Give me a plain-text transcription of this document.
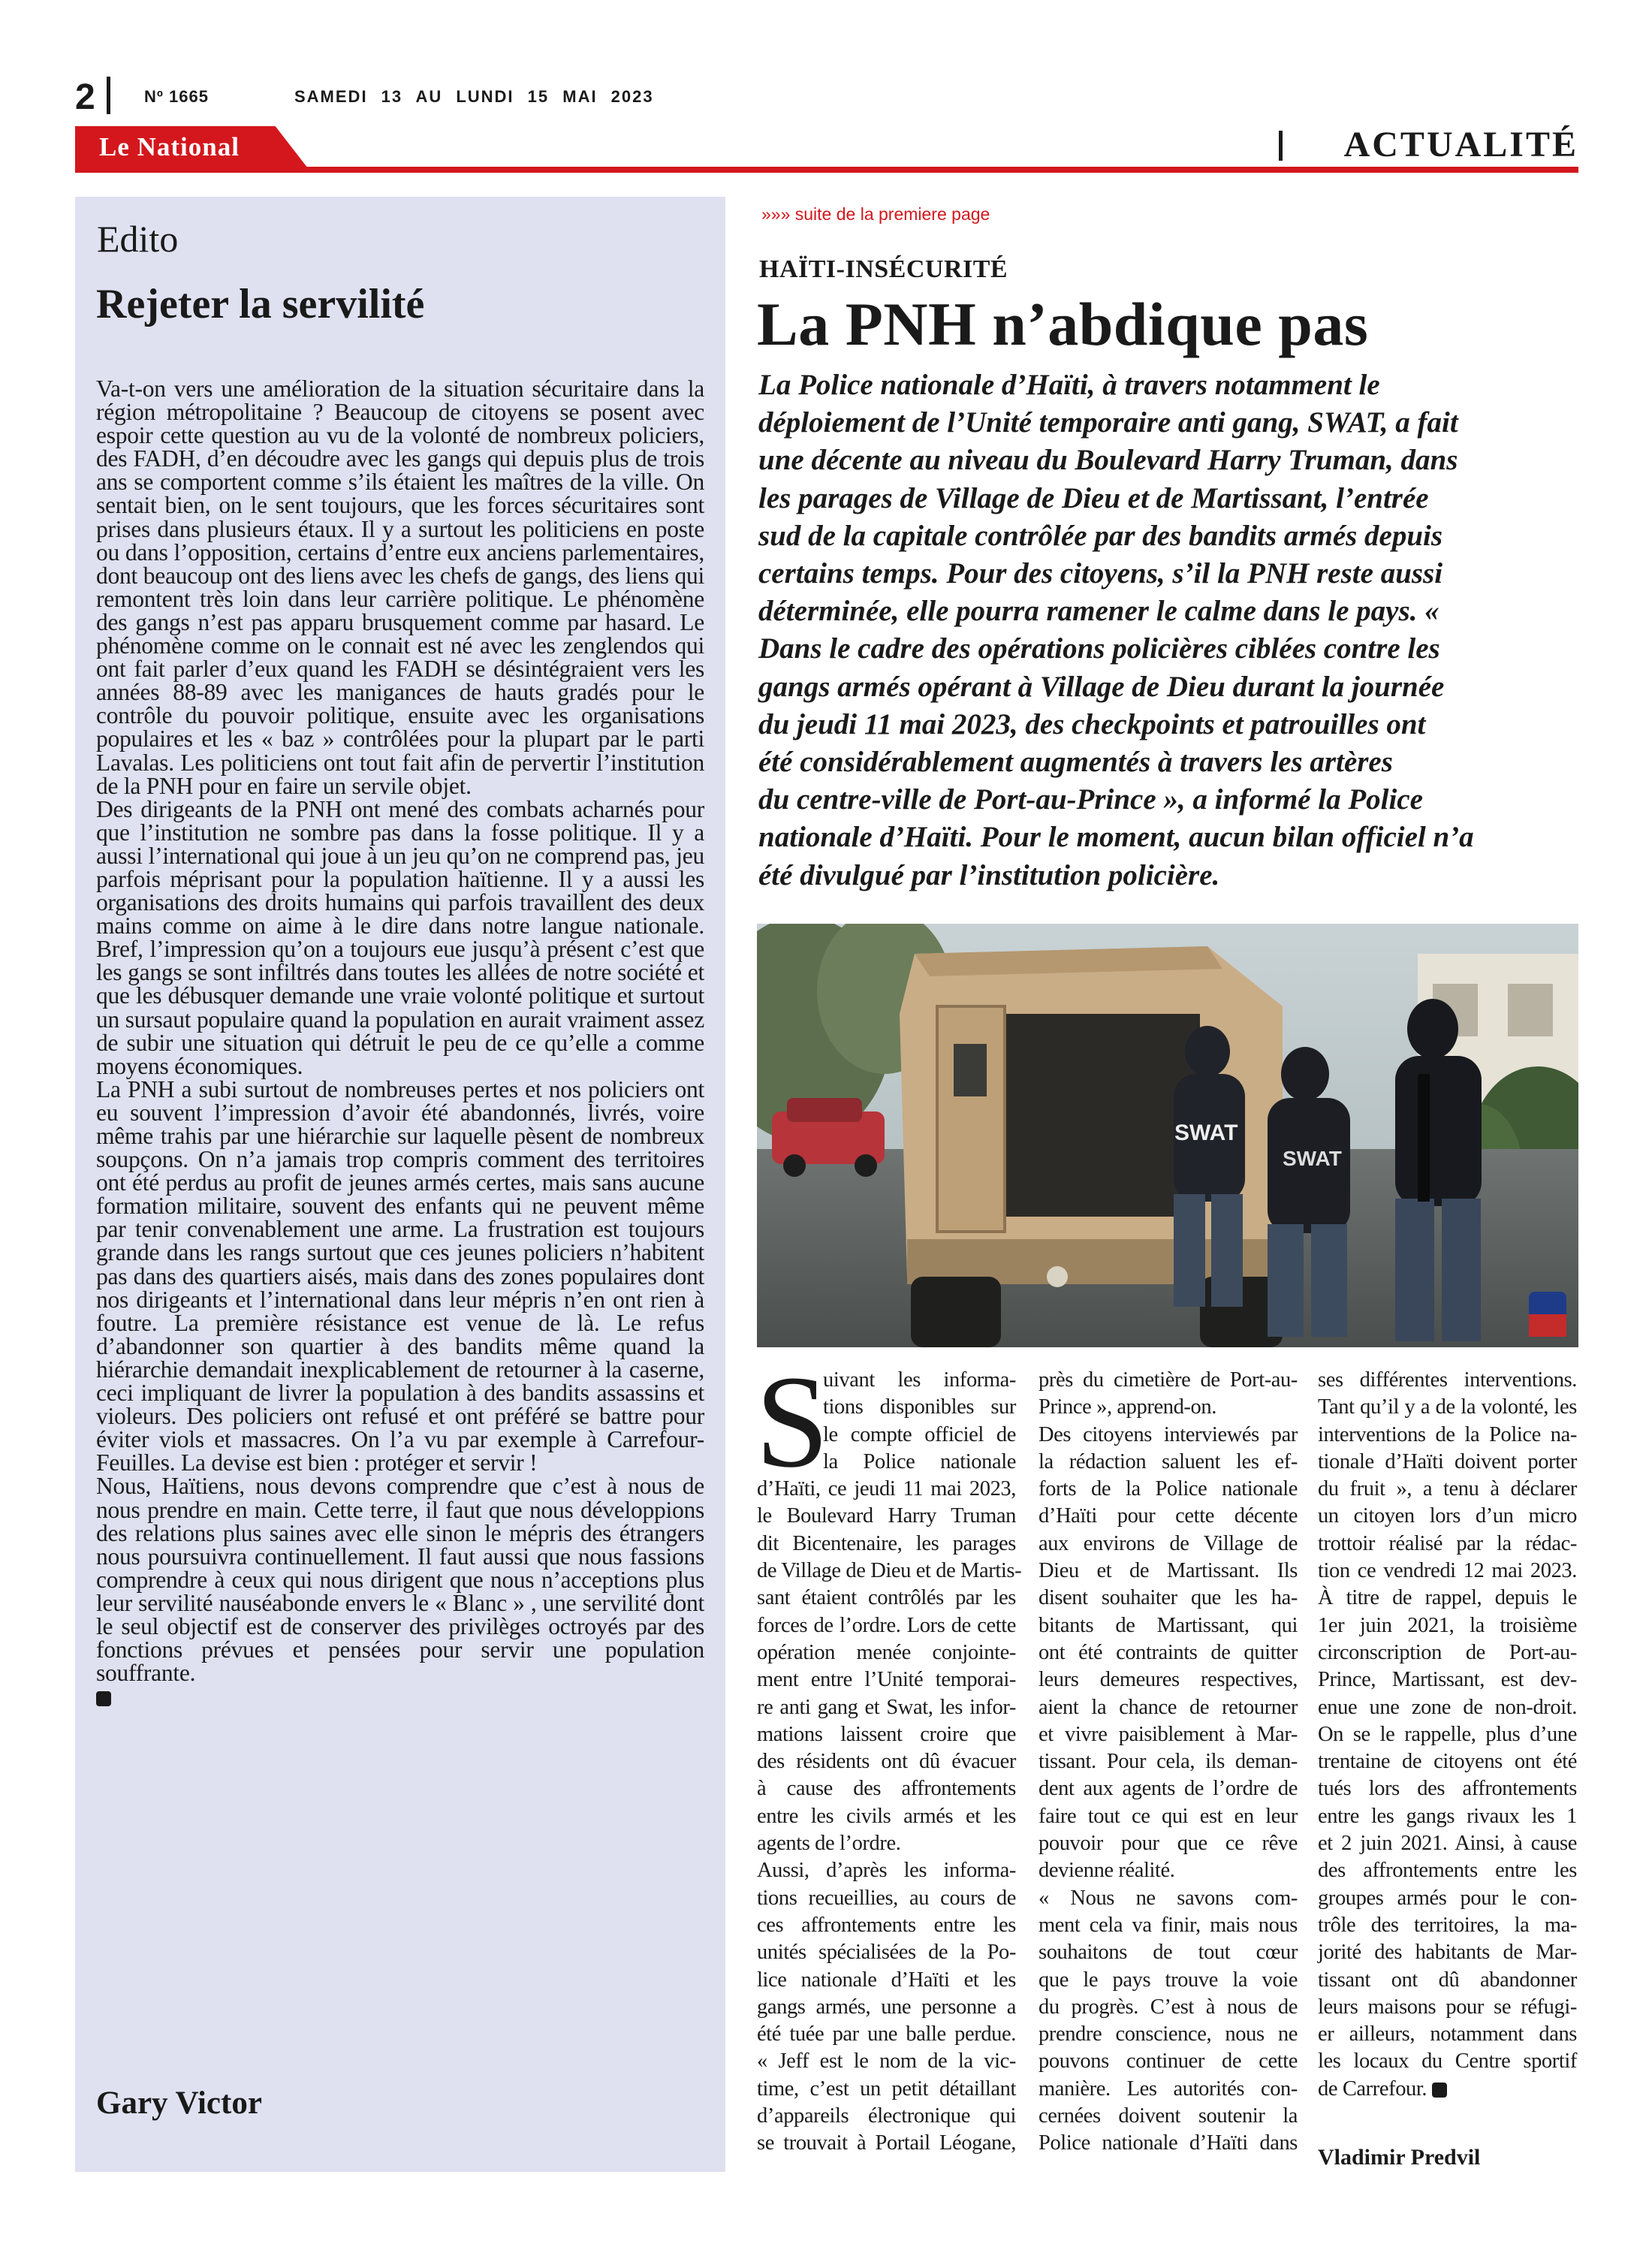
2	Nº 1665	SAMEDI 13 AU LUNDI 15 MAI 2023
Le National	ACTUALITÉ
Edito
Rejeter la servilité

Va-t-on vers une amélioration de la situation sécuritaire dans la région métropolitaine ? Beaucoup de citoyens se posent avec espoir cette question au vu de la volonté de nombreux policiers, des FADH, d’en découdre avec les gangs qui depuis plus de trois ans se comportent comme s’ils étaient les maîtres de la ville. On sentait bien, on le sent toujours, que les forces sécuritaires sont prises dans plusieurs étaux. Il y a surtout les politiciens en poste ou dans l’opposition, certains d’entre eux anciens parlementaires, dont beaucoup ont des liens avec les chefs de gangs, des liens qui remontent très loin dans leur carrière politique. Le phénomène des gangs n’est pas apparu brusquement comme par hasard. Le phénomène comme on le connait est né avec les zenglendos qui ont fait parler d’eux quand les FADH se désintégraient vers les années 88-89 avec les manigances de hauts gradés pour le contrôle du pouvoir politique, ensuite avec les organisations populaires et les « baz » contrôlées pour la plupart par le parti Lavalas. Les politiciens ont tout fait afin de pervertir l’institution de la PNH pour en faire un servile objet.

Des dirigeants de la PNH ont mené des combats acharnés pour que l’institution ne sombre pas dans la fosse politique. Il y a aussi l’international qui joue à un jeu qu’on ne comprend pas, jeu parfois méprisant pour la population haïtienne. Il y a aussi les organisations des droits humains qui parfois travaillent des deux mains comme on aime à le dire dans notre langue nationale. Bref, l’impression qu’on a toujours eue jusqu’à présent c’est que les gangs se sont infiltrés dans toutes les allées de notre société et que les débusquer demande une vraie volonté politique et surtout un sursaut populaire quand la population en aurait vraiment assez de subir une situation qui détruit le peu de ce qu’elle a comme moyens économiques.

La PNH a subi surtout de nombreuses pertes et nos policiers ont eu souvent l’impression d’avoir été abandonnés, livrés, voire même trahis par une hiérarchie sur laquelle pèsent de nombreux soupçons. On n’a jamais trop compris comment des territoires ont été perdus au profit de jeunes armés certes, mais sans aucune formation militaire, souvent des enfants qui ne peuvent même par tenir convenablement une arme. La frustration est toujours grande dans les rangs surtout que ces jeunes policiers n’habitent pas dans des quartiers aisés, mais dans des zones populaires dont nos dirigeants et l’international dans leur mépris n’en ont rien à foutre. La première résistance est venue de là. Le refus d’abandonner son quartier à des bandits même quand la hiérarchie demandait inexplicablement de retourner à la caserne, ceci impliquant de livrer la population à des bandits assassins et violeurs. Des policiers ont refusé et ont préféré se battre pour éviter viols et massacres. On l’a vu par exemple à Carrefour-Feuilles. La devise est bien : protéger et servir !

Nous, Haïtiens, nous devons comprendre que c’est à nous de nous prendre en main. Cette terre, il faut que nous développions des relations plus saines avec elle sinon le mépris des étrangers nous poursuivra continuellement. Il faut aussi que nous fassions comprendre à ceux qui nous dirigent que nous n’acceptions plus leur servilité nauséabonde envers le « Blanc » , une servilité dont le seul objectif est de conserver des privilèges octroyés par des fonctions prévues et pensées pour servir une population souffrante.

Gary Victor
»»» suite de la premiere page
HAÏTI-INSÉCURITÉ
La PNH n’abdique pas
La Police nationale d’Haïti, à travers notamment le
déploiement de l’Unité temporaire anti gang, SWAT, a fait
une décente au niveau du Boulevard Harry Truman, dans
les parages de Village de Dieu et de Martissant, l’entrée
sud de la capitale contrôlée par des bandits armés depuis
certains temps. Pour des citoyens, s’il la PNH reste aussi
déterminée, elle pourra ramener le calme dans le pays. «
Dans le cadre des opérations policières ciblées contre les
gangs armés opérant à Village de Dieu durant la journée
du jeudi 11 mai 2023, des checkpoints et patrouilles ont
été considérablement augmentés à travers les artères
du centre-ville de Port-au-Prince », a informé la Police
nationale d’Haïti. Pour le moment, aucun bilan officiel n’a
été divulgué par l’institution policière.
SWAT
SWAT
S
uivant les informa-
tions disponibles sur
le compte officiel de
la Police nationale
d’Haïti, ce jeudi 11 mai 2023,
le Boulevard Harry Truman
dit Bicentenaire, les parages
de Village de Dieu et de Martis-
sant étaient contrôlés par les
forces de l’ordre. Lors de cette
opération menée conjointe-
ment entre l’Unité temporai-
re anti gang et Swat, les infor-
mations laissent croire que
des résidents ont dû évacuer
à cause des affrontements
entre les civils armés et les
agents de l’ordre.
Aussi, d’après les informa-
tions recueillies, au cours de
ces affrontements entre les
unités spécialisées de la Po-
lice nationale d’Haïti et les
gangs armés, une personne a
été tuée par une balle perdue.
« Jeff est le nom de la vic-
time, c’est un petit détaillant
d’appareils électronique qui
se trouvait à Portail Léogane,
près du cimetière de Port-au-
Prince », apprend-on.
Des citoyens interviewés par
la rédaction saluent les ef-
forts de la Police nationale
d’Haïti pour cette décente
aux environs de Village de
Dieu et de Martissant. Ils
disent souhaiter que les ha-
bitants de Martissant, qui
ont été contraints de quitter
leurs demeures respectives,
aient la chance de retourner
et vivre paisiblement à Mar-
tissant. Pour cela, ils deman-
dent aux agents de l’ordre de
faire tout ce qui est en leur
pouvoir pour que ce rêve
devienne réalité.
« Nous ne savons com-
ment cela va finir, mais nous
souhaitons de tout cœur
que le pays trouve la voie
du progrès. C’est à nous de
prendre conscience, nous ne
pouvons continuer de cette
manière. Les autorités con-
cernées doivent soutenir la
Police nationale d’Haïti dans
ses différentes interventions.
Tant qu’il y a de la volonté, les
interventions de la Police na-
tionale d’Haïti doivent porter
du fruit », a tenu à déclarer
un citoyen lors d’un micro
trottoir réalisé par la rédac-
tion ce vendredi 12 mai 2023.
À titre de rappel, depuis le
1er juin 2021, la troisième
circonscription de Port-au-
Prince, Martissant, est dev-
enue une zone de non-droit.
On se le rappelle, plus d’une
trentaine de citoyens ont été
tués lors des affrontements
entre les gangs rivaux les 1
et 2 juin 2021. Ainsi, à cause
des affrontements entre les
groupes armés pour le con-
trôle des territoires, la ma-
jorité des habitants de Mar-
tissant ont dû abandonner
leurs maisons pour se réfugi-
er ailleurs, notamment dans
les locaux du Centre sportif
de Carrefour.
Vladimir Predvil
